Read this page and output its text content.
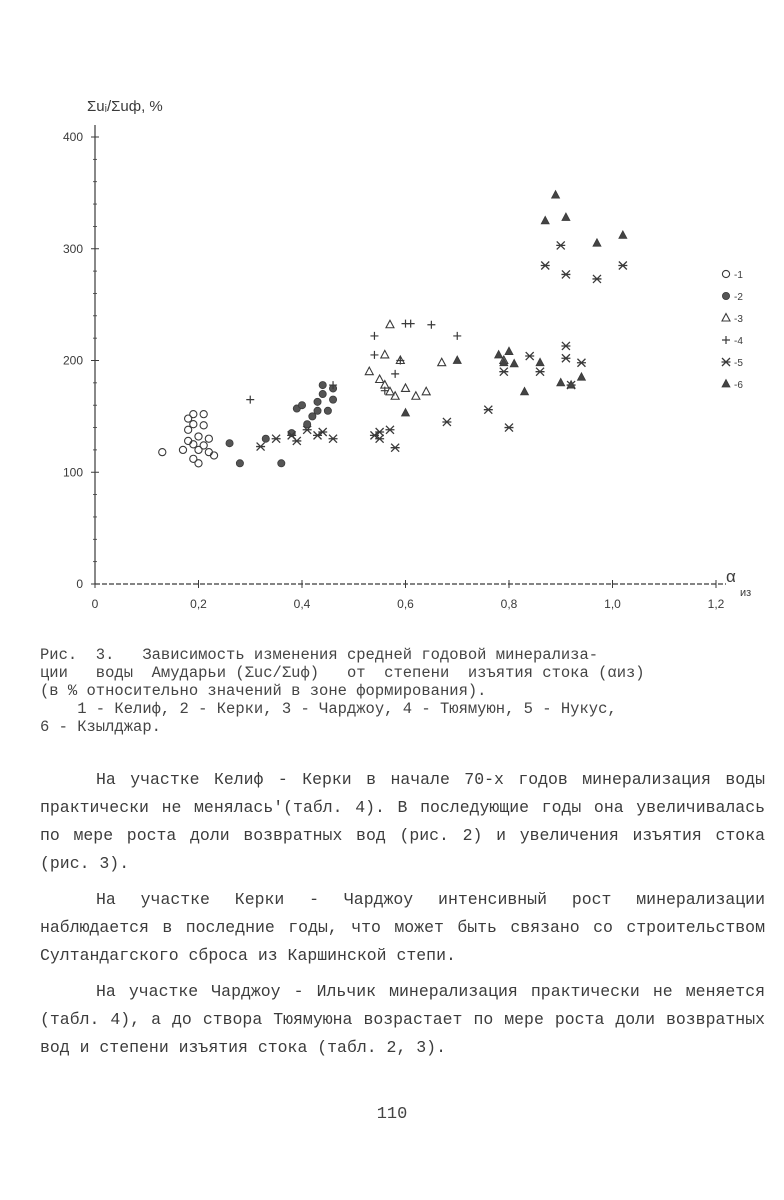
0
100
200
300
400
0	0,2	0,4	0,6	0,8	1,0	1,2
Σuᵢ/Σuф, %
α
из
-1
-2
-3
-4
-5
-6
Рис.  3.   Зависимость изменения средней годовой минерализа-
ции   воды  Амударьи (Σuс/Σuф)   от  степени  изъятия стока (αиз)
(в % относительно значений в зоне формирования).
1 - Келиф, 2 - Керки, 3 - Чарджоу, 4 - Тюямуюн, 5 - Нукус,
6 - Кзылджар.

На участке Келиф - Керки в начале 70-х годов минерализация воды практически не менялась'(табл. 4). В последующие годы она увеличивалась по мере роста доли возвратных вод (рис. 2) и увеличения изъятия стока (рис. 3).

На участке Керки - Чарджоу интенсивный рост минерализации наблюдается в последние годы, что может быть связано со строительством Султандагского сброса из Каршинской степи.

На участке Чарджоу - Ильчик минерализация практически не меняется (табл. 4), а до створа Тюямуюна возрастает по мере роста доли возвратных вод и степени изъятия стока (табл. 2, 3).

110
